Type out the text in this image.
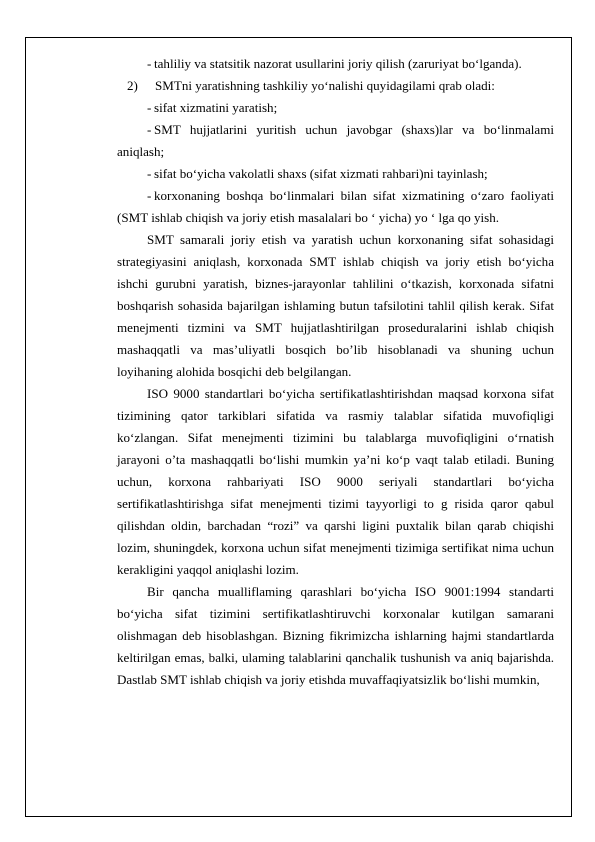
- tahliliy va statsitik nazorat usullarini joriy qilish (zaruriyat bo‘lganda).

2) SMTni yaratishning tashkiliy yo‘nalishi quyidagilami qrab oladi:

- sifat xizmatini yaratish;

- SMT hujjatlarini yuritish uchun javobgar (shaxs)lar va bo‘linmalami aniqlash;

- sifat bo‘yicha vakolatli shaxs (sifat xizmati rahbari)ni tayinlash;

- korxonaning boshqa bo‘linmalari bilan sifat xizmatining o‘zaro faoliyati (SMT ishlab chiqish va joriy etish masalalari bo ‘ yicha) yo ‘ lga qo yish.

SMT samarali joriy etish va yaratish uchun korxonaning sifat sohasidagi strategiyasini aniqlash, korxonada SMT ishlab chiqish va joriy etish bo‘yicha ishchi gurubni yaratish, biznes-jarayonlar tahlilini o‘tkazish, korxonada sifatni boshqarish sohasida bajarilgan ishlaming butun tafsilotini tahlil qilish kerak. Sifat menejmenti tizmini va SMT hujjatlashtirilgan proseduralarini ishlab chiqish mashaqqatli va mas’uliyatli bosqich bo’lib hisoblanadi va shuning uchun loyihaning alohida bosqichi deb belgilangan.

ISO 9000 standartlari bo‘yicha sertifikatlashtirishdan maqsad korxona sifat tizimining qator tarkiblari sifatida va rasmiy talablar sifatida muvofiqligi ko‘zlangan. Sifat menejmenti tizimini bu talablarga muvofiqligini o‘rnatish jarayoni o’ta mashaqqatli bo‘lishi mumkin ya’ni ko‘p vaqt talab etiladi. Buning uchun, korxona rahbariyati ISO 9000 seriyali standartlari bo‘yicha sertifikatlashtirishga sifat menejmenti tizimi tayyorligi to g risida qaror qabul qilishdan oldin, barchadan “rozi” va qarshi ligini puxtalik bilan qarab chiqishi lozim, shuningdek, korxona uchun sifat menejmenti tizimiga sertifikat nima uchun kerakligini yaqqol aniqlashi lozim.

Bir qancha mualliflaming qarashlari bo‘yicha ISO 9001:1994 standarti bo‘yicha sifat tizimini sertifikatlashtiruvchi korxonalar kutilgan samarani olishmagan deb hisoblashgan. Bizning fikrimizcha ishlarning hajmi standartlarda keltirilgan emas, balki, ulaming talablarini qanchalik tushunish va aniq bajarishda. Dastlab SMT ishlab chiqish va joriy etishda muvaffaqiyatsizlik bo‘lishi mumkin,
